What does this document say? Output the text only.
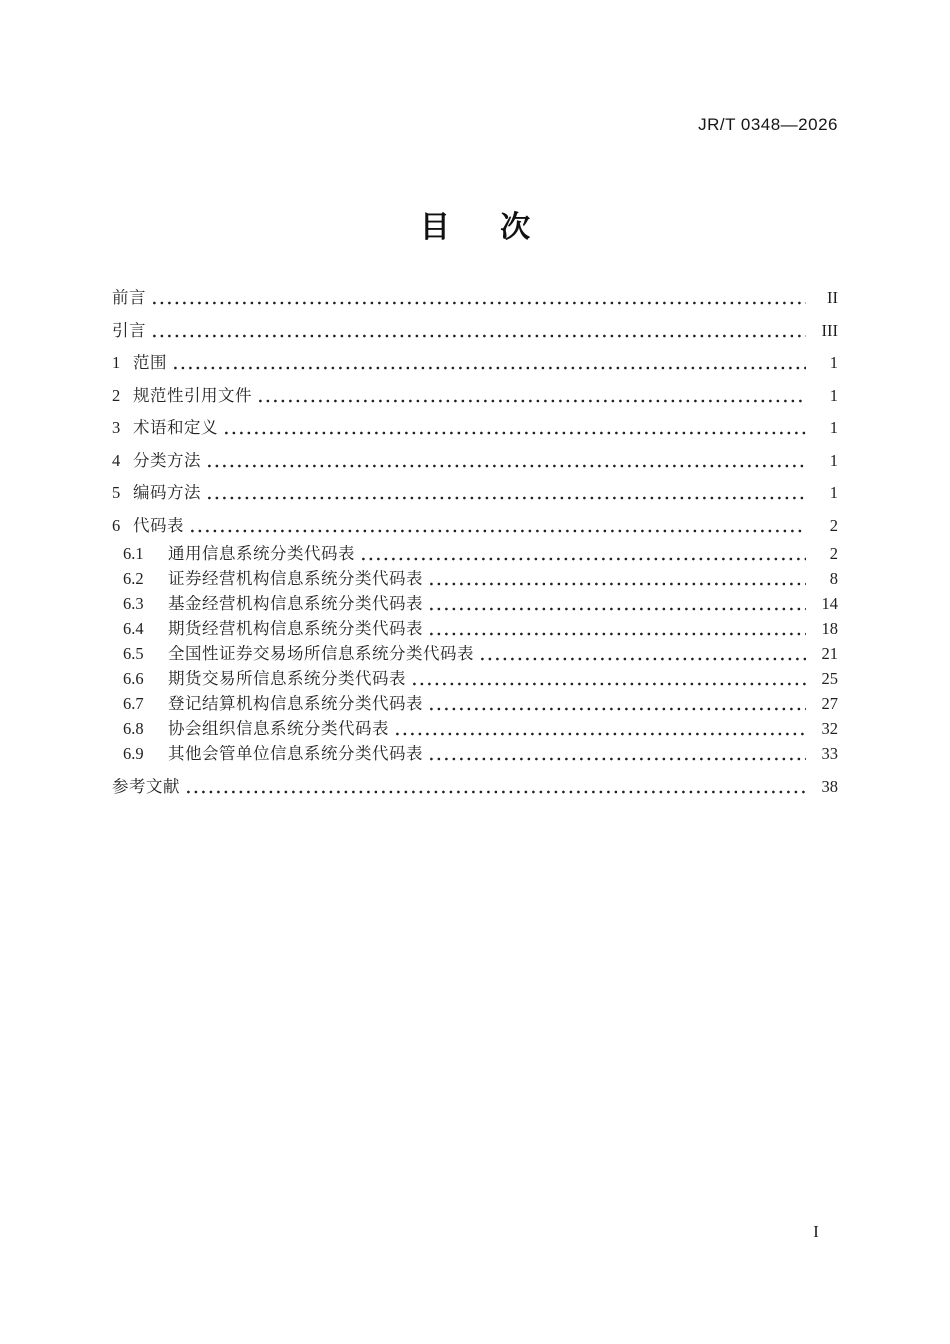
JR/T 0348—2026
目 次
前言	II
引言	III
1 范围	1
2 规范性引用文件	1
3 术语和定义	1
4 分类方法	1
5 编码方法	1
6 代码表	2
6.1	通用信息系统分类代码表	2
6.2	证券经营机构信息系统分类代码表	8
6.3	基金经营机构信息系统分类代码表	14
6.4	期货经营机构信息系统分类代码表	18
6.5	全国性证券交易场所信息系统分类代码表	21
6.6	期货交易所信息系统分类代码表	25
6.7	登记结算机构信息系统分类代码表	27
6.8	协会组织信息系统分类代码表	32
6.9	其他会管单位信息系统分类代码表	33
参考文献	38
I
